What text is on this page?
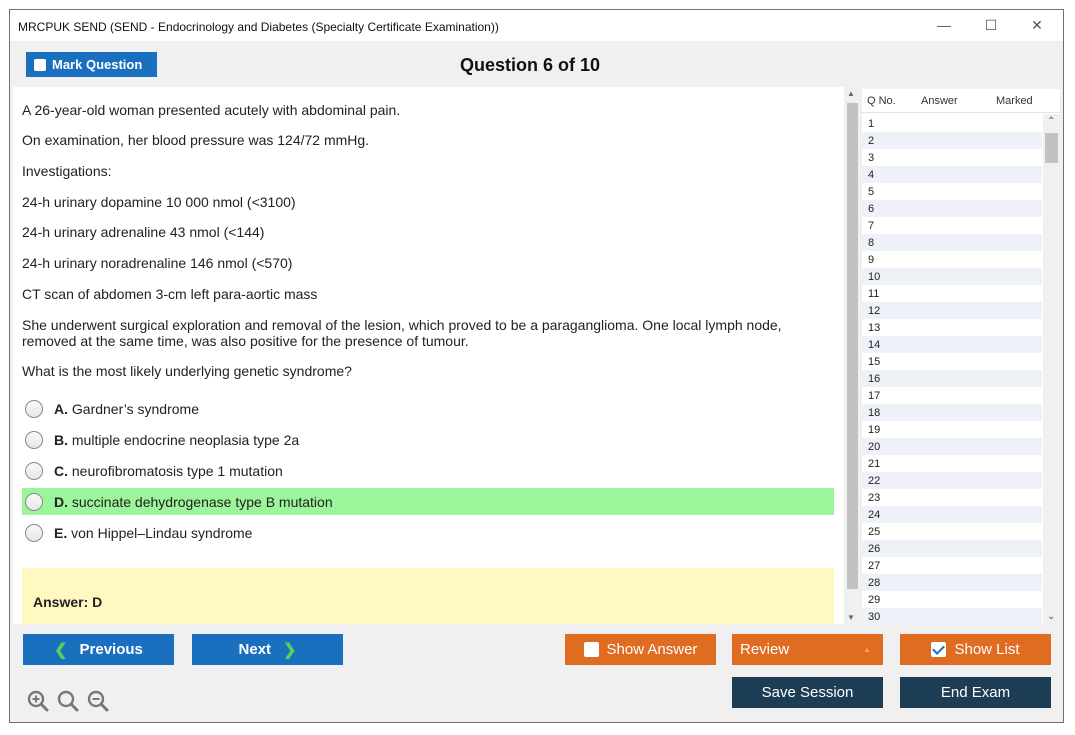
MRCPUK SEND (SEND - Endocrinology and Diabetes (Specialty Certificate Examination))	—	☐	✕
Mark Question	Question 6 of 10
A 26-year-old woman presented acutely with abdominal pain.
On examination, her blood pressure was 124/72 mmHg.
Investigations:
24-h urinary dopamine 10 000 nmol (<3100)
24-h urinary adrenaline 43 nmol (<144)
24-h urinary noradrenaline 146 nmol (<570)
CT scan of abdomen 3-cm left para-aortic mass
She underwent surgical exploration and removal of the lesion, which proved to be a paraganglioma. One local lymph node, removed at the same time, was also positive for the presence of tumour.
What is the most likely underlying genetic syndrome?
A. Gardner’s syndrome
B. multiple endocrine neoplasia type 2a
C. neurofibromatosis type 1 mutation
D. succinate dehydrogenase type B mutation
E. von Hippel–Lindau syndrome
Answer: D
▲
▼
Q No. Answer	Marked
1
2
3
4
5
6
7
8
9
10
11
12
13
14
15
16
17
18
19
20
21
22
23
24
25
26
27
28
29
30
⌃
⌄
❮ Previous	Next ❯	Show Answer	Review	▲	Show List
Save Session	End Exam
